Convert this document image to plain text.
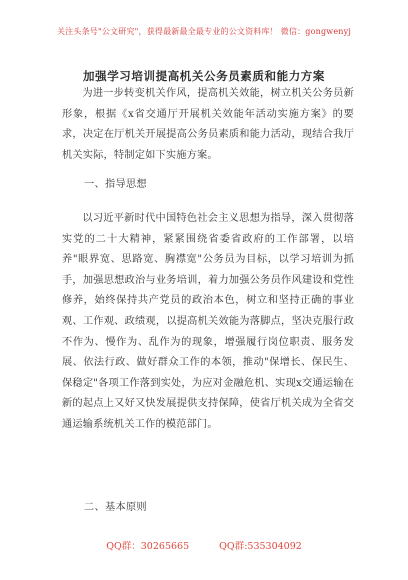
关注头条号"公文研究"，获得最新最全最专业的公文资料库！ 微信：gongwenyj
加强学习培训提高机关公务员素质和能力方案

为进一步转变机关作风，提高机关效能，树立机关公务员新形象，根据《x省交通厅开展机关效能年活动实施方案》的要求，决定在厅机关开展提高公务员素质和能力活动，现结合我厅机关实际，特制定如下实施方案。

一、指导思想

以习近平新时代中国特色社会主义思想为指导，深入贯彻落实党的二十大精神，紧紧围绕省委省政府的工作部署，以培养"眼界宽、思路宽、胸襟宽"公务员为目标，以学习培训为抓手，加强思想政治与业务培训，着力加强公务员作风建设和党性修养，始终保持共产党员的政治本色，树立和坚持正确的事业观、工作观、政绩观，以提高机关效能为落脚点，坚决克服行政不作为、慢作为、乱作为的现象，增强履行岗位职责、服务发展、依法行政、做好群众工作的本领，推动"保增长、保民生、保稳定"各项工作落到实处，为应对金融危机、实现x交通运输在新的起点上又好又快发展提供支持保障，使省厅机关成为全省交通运输系统机关工作的模范部门。

二、基本原则
QQ群：30265665	QQ群:535304092
